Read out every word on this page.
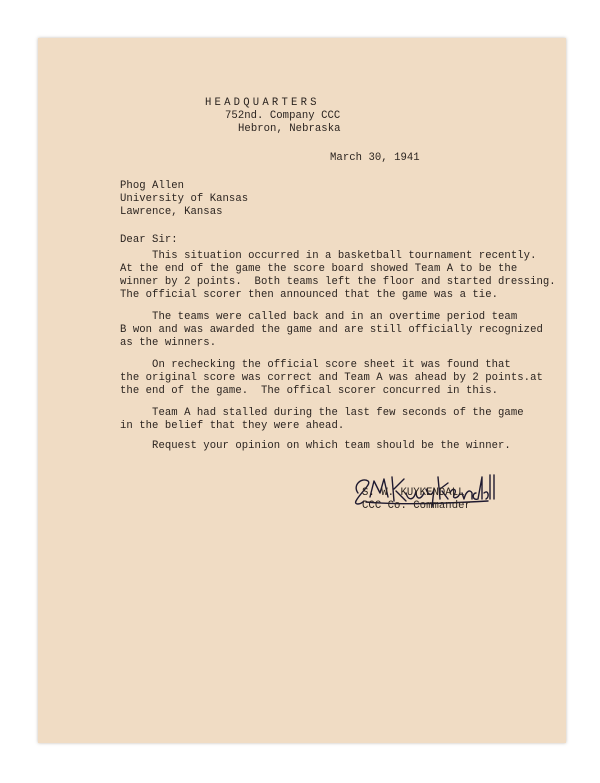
HEADQUARTERS
752nd. Company CCC
Hebron, Nebraska
March 30, 1941
Phog Allen
University of Kansas
Lawrence, Kansas
Dear Sir:
This situation occurred in a basketball tournament recently.
At the end of the game the score board showed Team A to be the
winner by 2 points.  Both teams left the floor and started dressing.
The official scorer then announced that the game was a tie.
The teams were called back and in an overtime period team
B won and was awarded the game and are still officially recognized
as the winners.
On rechecking the official score sheet it was found that
the original score was correct and Team A was ahead by 2 points.at
the end of the game.  The offical scorer concurred in this.
Team A had stalled during the last few seconds of the game
in the belief that they were ahead.
Request your opinion on which team should be the winner.
S. W. KUYKENDALL
CCC Co. Commander
